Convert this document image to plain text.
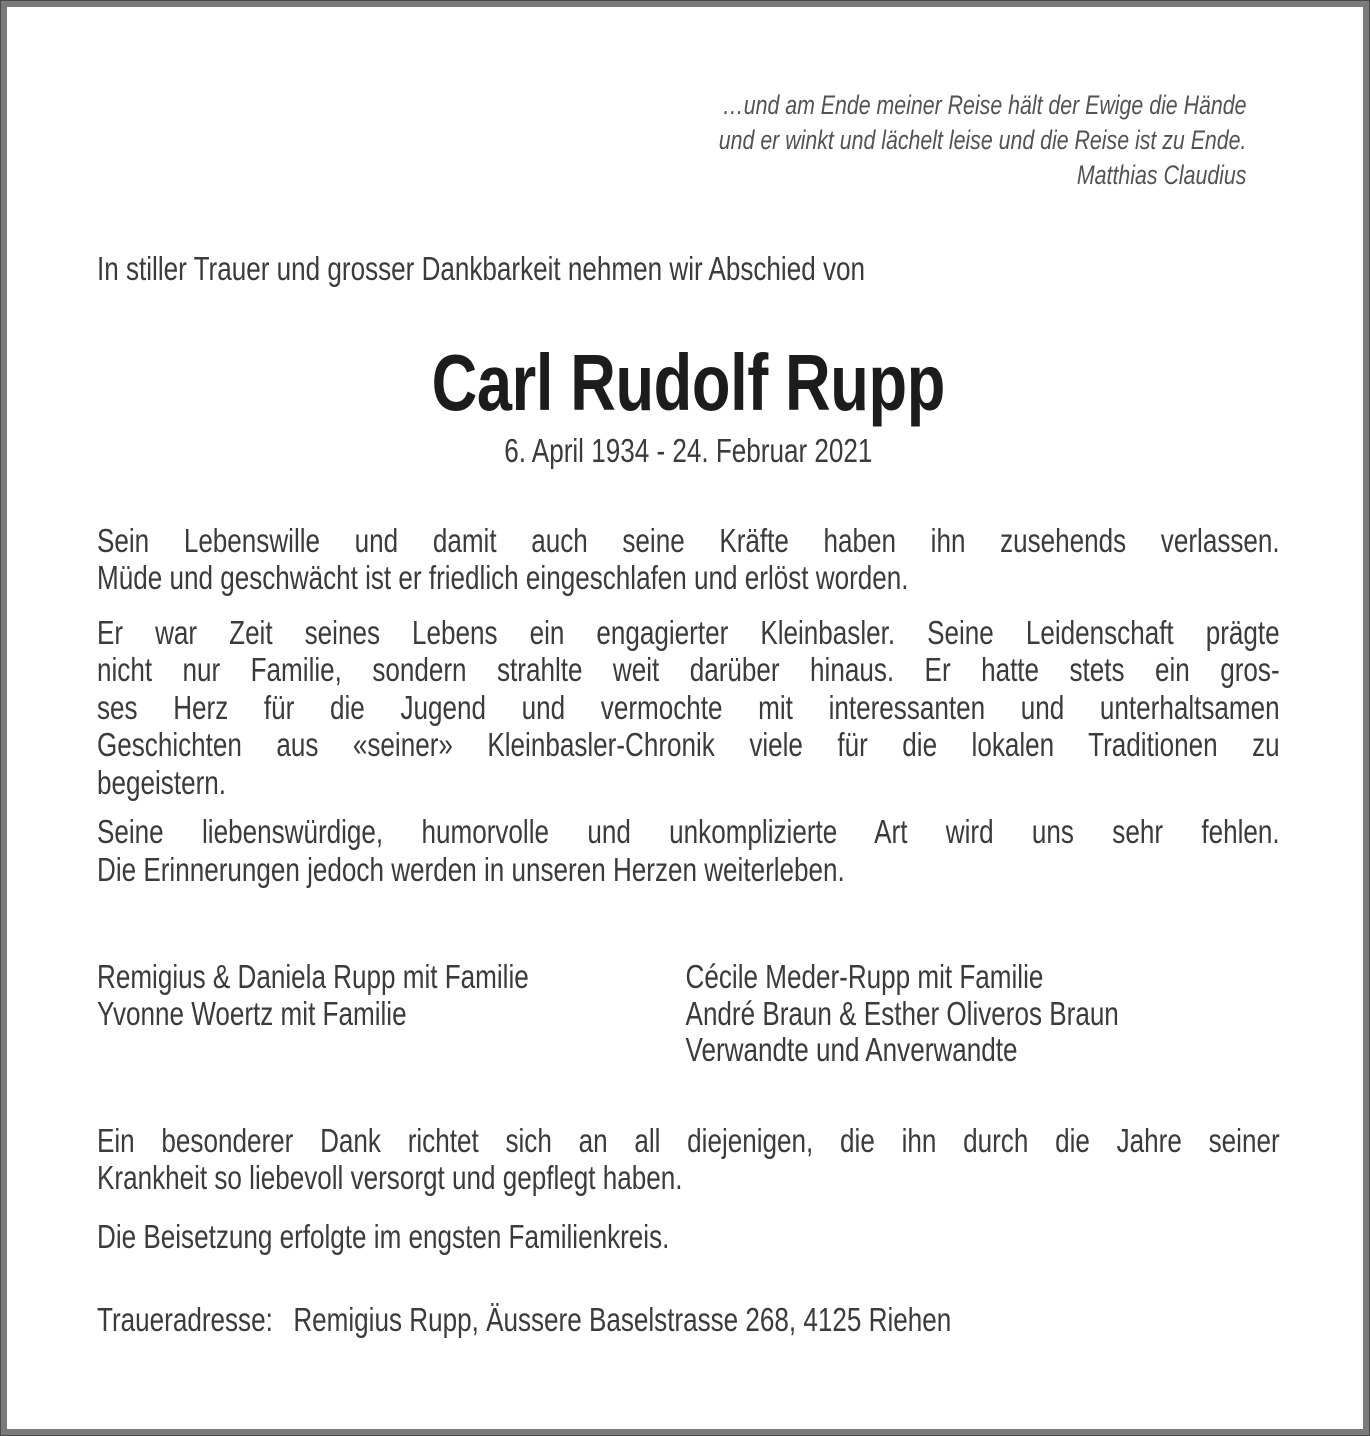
…und am Ende meiner Reise hält der Ewige die Hände
und er winkt und lächelt leise und die Reise ist zu Ende.
Matthias Claudius
In stiller Trauer und grosser Dankbarkeit nehmen wir Abschied von
Carl Rudolf Rupp
6. April 1934 - 24. Februar 2021
Sein Lebenswille und damit auch seine Kräfte haben ihn zusehends verlassen.
Müde und geschwächt ist er friedlich eingeschlafen und erlöst worden.
Er war Zeit seines Lebens ein engagierter Kleinbasler. Seine Leidenschaft prägte
nicht nur Familie, sondern strahlte weit darüber hinaus. Er hatte stets ein gros-
ses Herz für die Jugend und vermochte mit interessanten und unterhaltsamen
Geschichten aus «seiner» Kleinbasler-Chronik viele für die lokalen Traditionen zu
begeistern.
Seine liebenswürdige, humorvolle und unkomplizierte Art wird uns sehr fehlen.
Die Erinnerungen jedoch werden in unseren Herzen weiterleben.
Remigius & Daniela Rupp mit Familie
Yvonne Woertz mit Familie
Cécile Meder-Rupp mit Familie
André Braun & Esther Oliveros Braun
Verwandte und Anverwandte
Ein besonderer Dank richtet sich an all diejenigen, die ihn durch die Jahre seiner
Krankheit so liebevoll versorgt und gepflegt haben.
Die Beisetzung erfolgte im engsten Familienkreis.
Traueradresse: Remigius Rupp, Äussere Baselstrasse 268, 4125 Riehen
